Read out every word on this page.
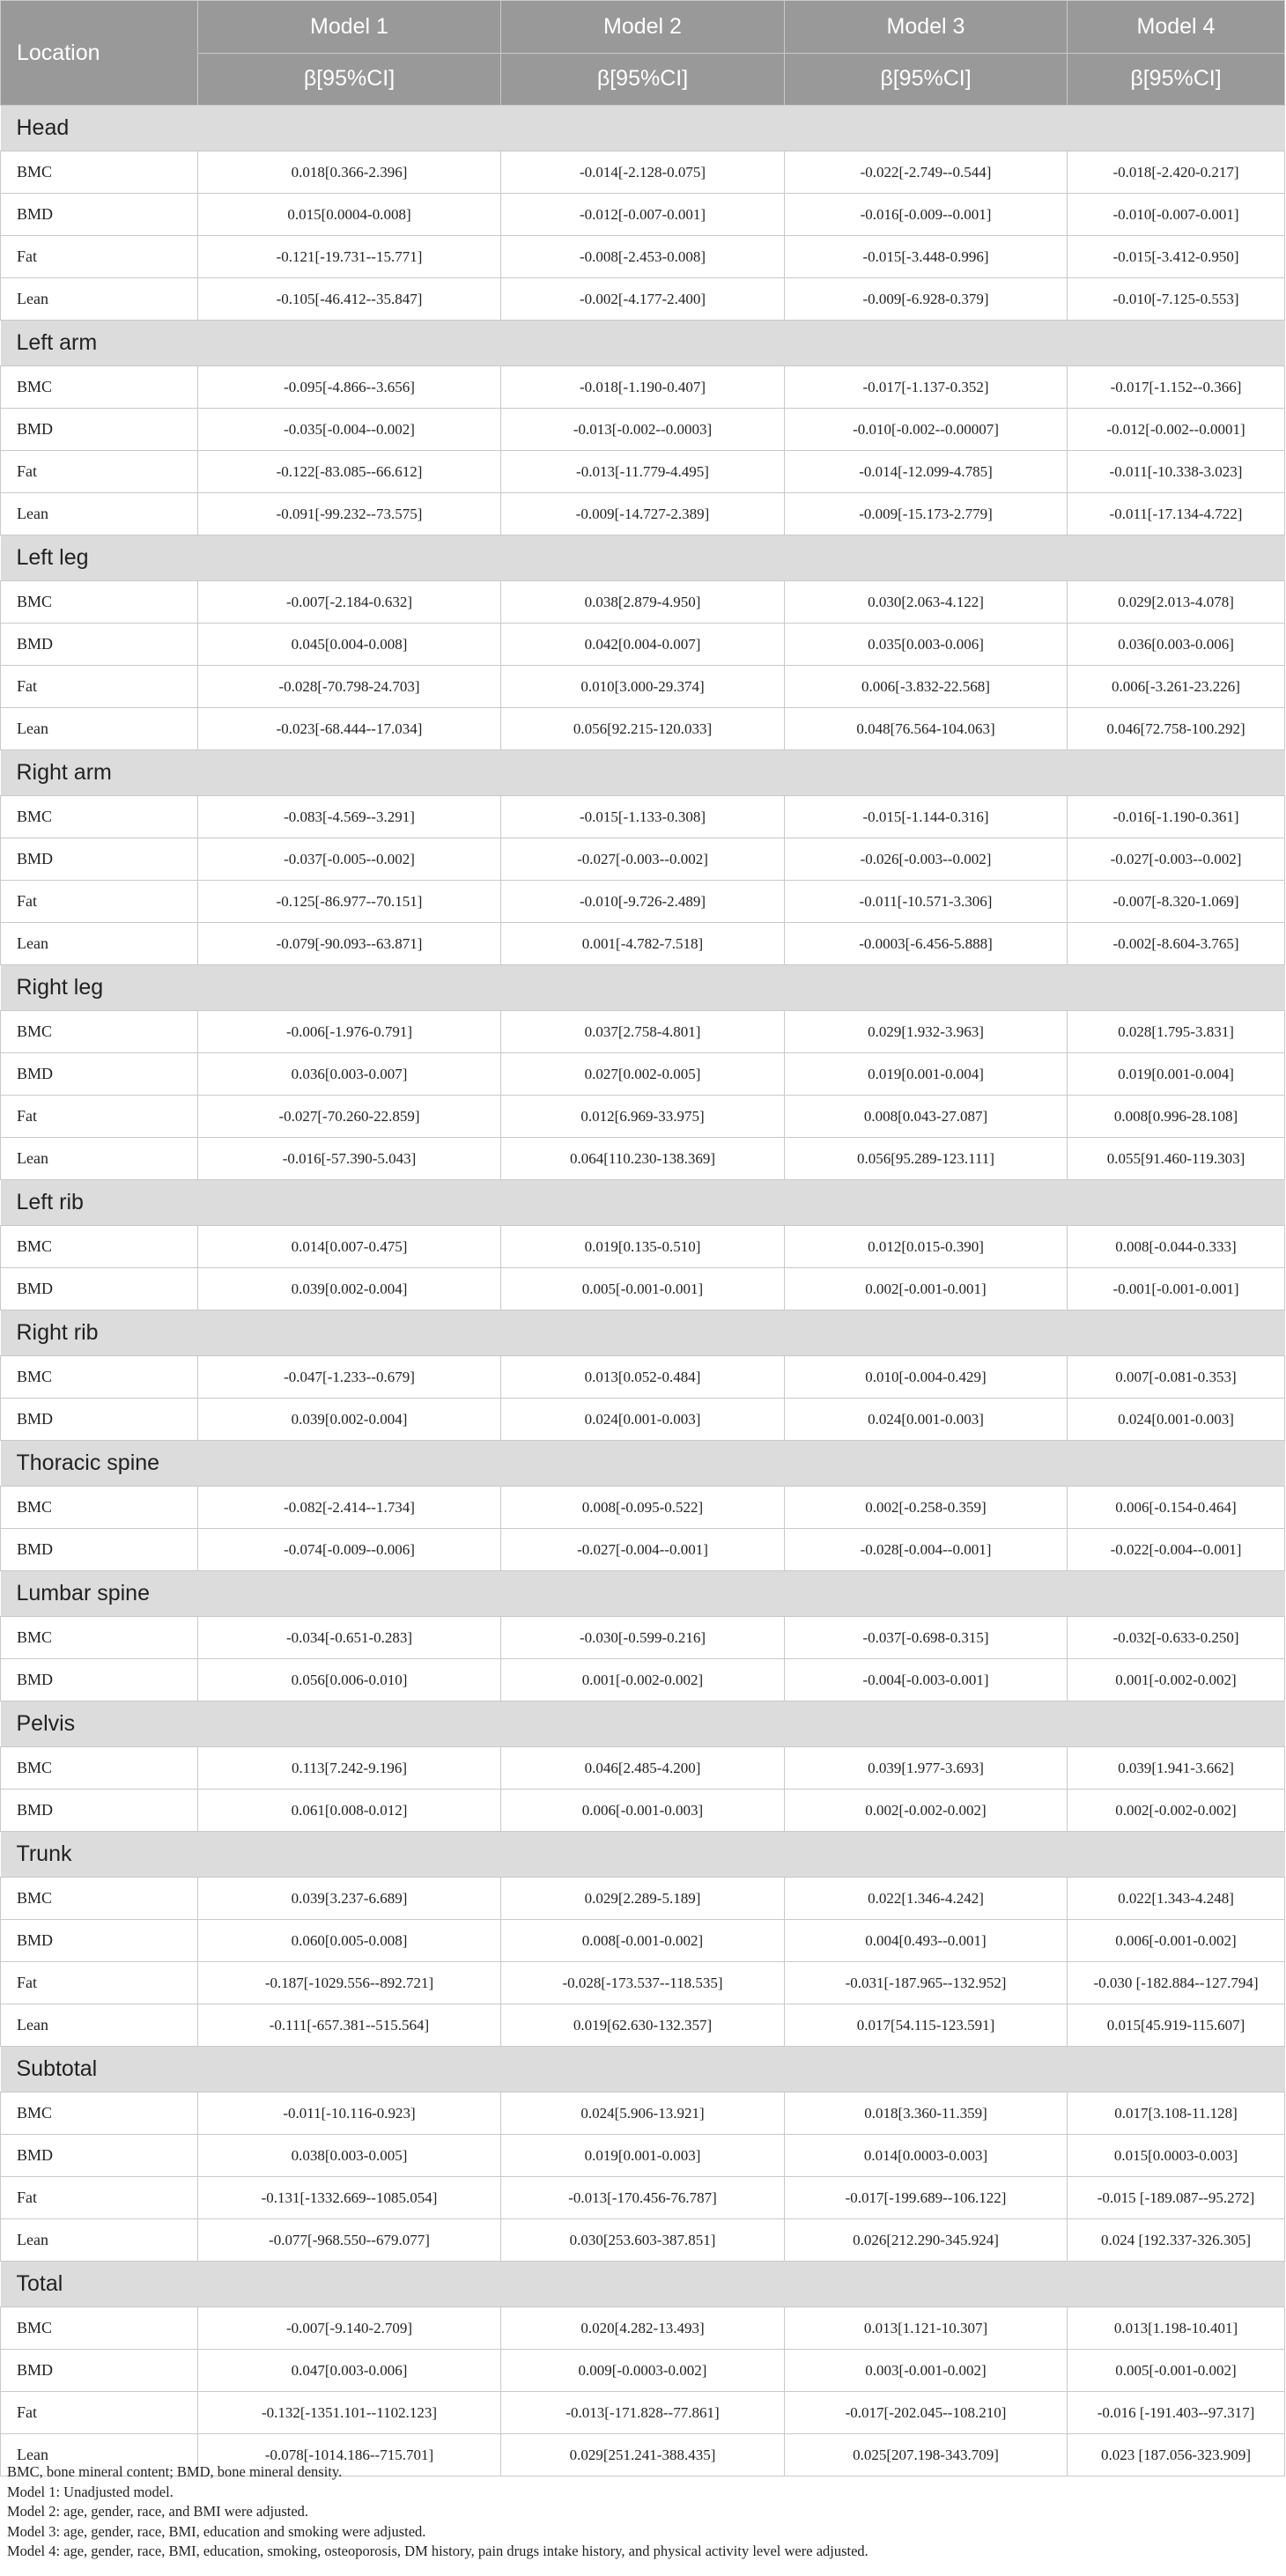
Location	Model 1	Model 2	Model 3	Model 4
	β[95%CI]	β[95%CI]	β[95%CI]	β[95%CI]
Head				
BMC	0.018[0.366-2.396]	-0.014[-2.128-0.075]	-0.022[-2.749--0.544]	-0.018[-2.420-0.217]
BMD	0.015[0.0004-0.008]	-0.012[-0.007-0.001]	-0.016[-0.009--0.001]	-0.010[-0.007-0.001]
Fat	-0.121[-19.731--15.771]	-0.008[-2.453-0.008]	-0.015[-3.448-0.996]	-0.015[-3.412-0.950]
Lean	-0.105[-46.412--35.847]	-0.002[-4.177-2.400]	-0.009[-6.928-0.379]	-0.010[-7.125-0.553]
Left arm				
BMC	-0.095[-4.866--3.656]	-0.018[-1.190-0.407]	-0.017[-1.137-0.352]	-0.017[-1.152--0.366]
BMD	-0.035[-0.004--0.002]	-0.013[-0.002--0.0003]	-0.010[-0.002--0.00007]	-0.012[-0.002--0.0001]
Fat	-0.122[-83.085--66.612]	-0.013[-11.779-4.495]	-0.014[-12.099-4.785]	-0.011[-10.338-3.023]
Lean	-0.091[-99.232--73.575]	-0.009[-14.727-2.389]	-0.009[-15.173-2.779]	-0.011[-17.134-4.722]
Left leg				
BMC	-0.007[-2.184-0.632]	0.038[2.879-4.950]	0.030[2.063-4.122]	0.029[2.013-4.078]
BMD	0.045[0.004-0.008]	0.042[0.004-0.007]	0.035[0.003-0.006]	0.036[0.003-0.006]
Fat	-0.028[-70.798-24.703]	0.010[3.000-29.374]	0.006[-3.832-22.568]	0.006[-3.261-23.226]
Lean	-0.023[-68.444--17.034]	0.056[92.215-120.033]	0.048[76.564-104.063]	0.046[72.758-100.292]
Right arm				
BMC	-0.083[-4.569--3.291]	-0.015[-1.133-0.308]	-0.015[-1.144-0.316]	-0.016[-1.190-0.361]
BMD	-0.037[-0.005--0.002]	-0.027[-0.003--0.002]	-0.026[-0.003--0.002]	-0.027[-0.003--0.002]
Fat	-0.125[-86.977--70.151]	-0.010[-9.726-2.489]	-0.011[-10.571-3.306]	-0.007[-8.320-1.069]
Lean	-0.079[-90.093--63.871]	0.001[-4.782-7.518]	-0.0003[-6.456-5.888]	-0.002[-8.604-3.765]
Right leg				
BMC	-0.006[-1.976-0.791]	0.037[2.758-4.801]	0.029[1.932-3.963]	0.028[1.795-3.831]
BMD	0.036[0.003-0.007]	0.027[0.002-0.005]	0.019[0.001-0.004]	0.019[0.001-0.004]
Fat	-0.027[-70.260-22.859]	0.012[6.969-33.975]	0.008[0.043-27.087]	0.008[0.996-28.108]
Lean	-0.016[-57.390-5.043]	0.064[110.230-138.369]	0.056[95.289-123.111]	0.055[91.460-119.303]
Left rib				
BMC	0.014[0.007-0.475]	0.019[0.135-0.510]	0.012[0.015-0.390]	0.008[-0.044-0.333]
BMD	0.039[0.002-0.004]	0.005[-0.001-0.001]	0.002[-0.001-0.001]	-0.001[-0.001-0.001]
Right rib				
BMC	-0.047[-1.233--0.679]	0.013[0.052-0.484]	0.010[-0.004-0.429]	0.007[-0.081-0.353]
BMD	0.039[0.002-0.004]	0.024[0.001-0.003]	0.024[0.001-0.003]	0.024[0.001-0.003]
Thoracic spine				
BMC	-0.082[-2.414--1.734]	0.008[-0.095-0.522]	0.002[-0.258-0.359]	0.006[-0.154-0.464]
BMD	-0.074[-0.009--0.006]	-0.027[-0.004--0.001]	-0.028[-0.004--0.001]	-0.022[-0.004--0.001]
Lumbar spine				
BMC	-0.034[-0.651-0.283]	-0.030[-0.599-0.216]	-0.037[-0.698-0.315]	-0.032[-0.633-0.250]
BMD	0.056[0.006-0.010]	0.001[-0.002-0.002]	-0.004[-0.003-0.001]	0.001[-0.002-0.002]
Pelvis				
BMC	0.113[7.242-9.196]	0.046[2.485-4.200]	0.039[1.977-3.693]	0.039[1.941-3.662]
BMD	0.061[0.008-0.012]	0.006[-0.001-0.003]	0.002[-0.002-0.002]	0.002[-0.002-0.002]
Trunk				
BMC	0.039[3.237-6.689]	0.029[2.289-5.189]	0.022[1.346-4.242]	0.022[1.343-4.248]
BMD	0.060[0.005-0.008]	0.008[-0.001-0.002]	0.004[0.493--0.001]	0.006[-0.001-0.002]
Fat	-0.187[-1029.556--892.721]	-0.028[-173.537--118.535]	-0.031[-187.965--132.952]	-0.030 [-182.884--127.794]
Lean	-0.111[-657.381--515.564]	0.019[62.630-132.357]	0.017[54.115-123.591]	0.015[45.919-115.607]
Subtotal				
BMC	-0.011[-10.116-0.923]	0.024[5.906-13.921]	0.018[3.360-11.359]	0.017[3.108-11.128]
BMD	0.038[0.003-0.005]	0.019[0.001-0.003]	0.014[0.0003-0.003]	0.015[0.0003-0.003]
Fat	-0.131[-1332.669--1085.054]	-0.013[-170.456-76.787]	-0.017[-199.689--106.122]	-0.015 [-189.087--95.272]
Lean	-0.077[-968.550--679.077]	0.030[253.603-387.851]	0.026[212.290-345.924]	0.024 [192.337-326.305]
Total				
BMC	-0.007[-9.140-2.709]	0.020[4.282-13.493]	0.013[1.121-10.307]	0.013[1.198-10.401]
BMD	0.047[0.003-0.006]	0.009[-0.0003-0.002]	0.003[-0.001-0.002]	0.005[-0.001-0.002]
Fat	-0.132[-1351.101--1102.123]	-0.013[-171.828--77.861]	-0.017[-202.045--108.210]	-0.016 [-191.403--97.317]
Lean	-0.078[-1014.186--715.701]	0.029[251.241-388.435]	0.025[207.198-343.709]	0.023 [187.056-323.909]
BMC, bone mineral content; BMD, bone mineral density.
Model 1: Unadjusted model.
Model 2: age, gender, race, and BMI were adjusted.
Model 3: age, gender, race, BMI, education and smoking were adjusted.
Model 4: age, gender, race, BMI, education, smoking, osteoporosis, DM history, pain drugs intake history, and physical activity level were adjusted.
